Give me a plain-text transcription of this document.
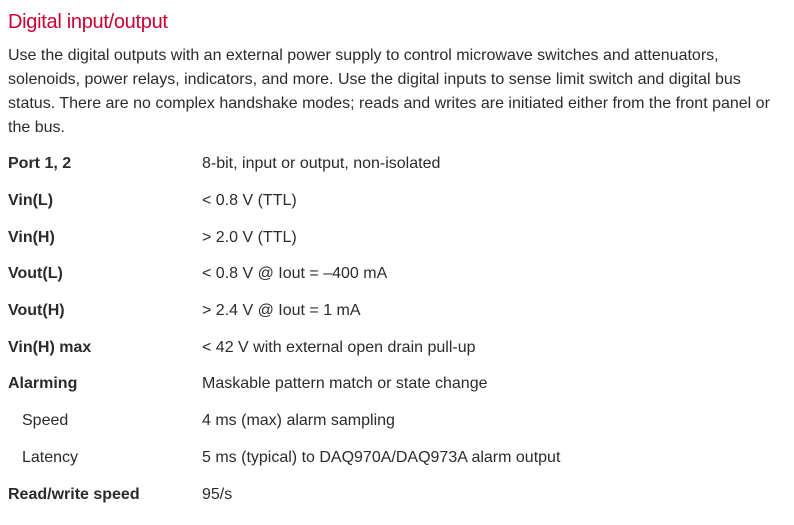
Digital input/output

Use the digital outputs with an external power supply to control microwave switches and attenuators, solenoids, power relays, indicators, and more. Use the digital inputs to sense limit switch and digital bus status. There are no complex handshake modes; reads and writes are initiated either from the front panel or the bus.

Port 1, 2	8-bit, input or output, non-isolated
Vin(L)	< 0.8 V (TTL)
Vin(H)	> 2.0 V (TTL)
Vout(L)	< 0.8 V @ Iout = –400 mA
Vout(H)	> 2.4 V @ Iout = 1 mA
Vin(H) max	< 42 V with external open drain pull-up
Alarming	Maskable pattern match or state change
Speed	4 ms (max) alarm sampling
Latency	5 ms (typical) to DAQ970A/DAQ973A alarm output
Read/write speed	95/s
